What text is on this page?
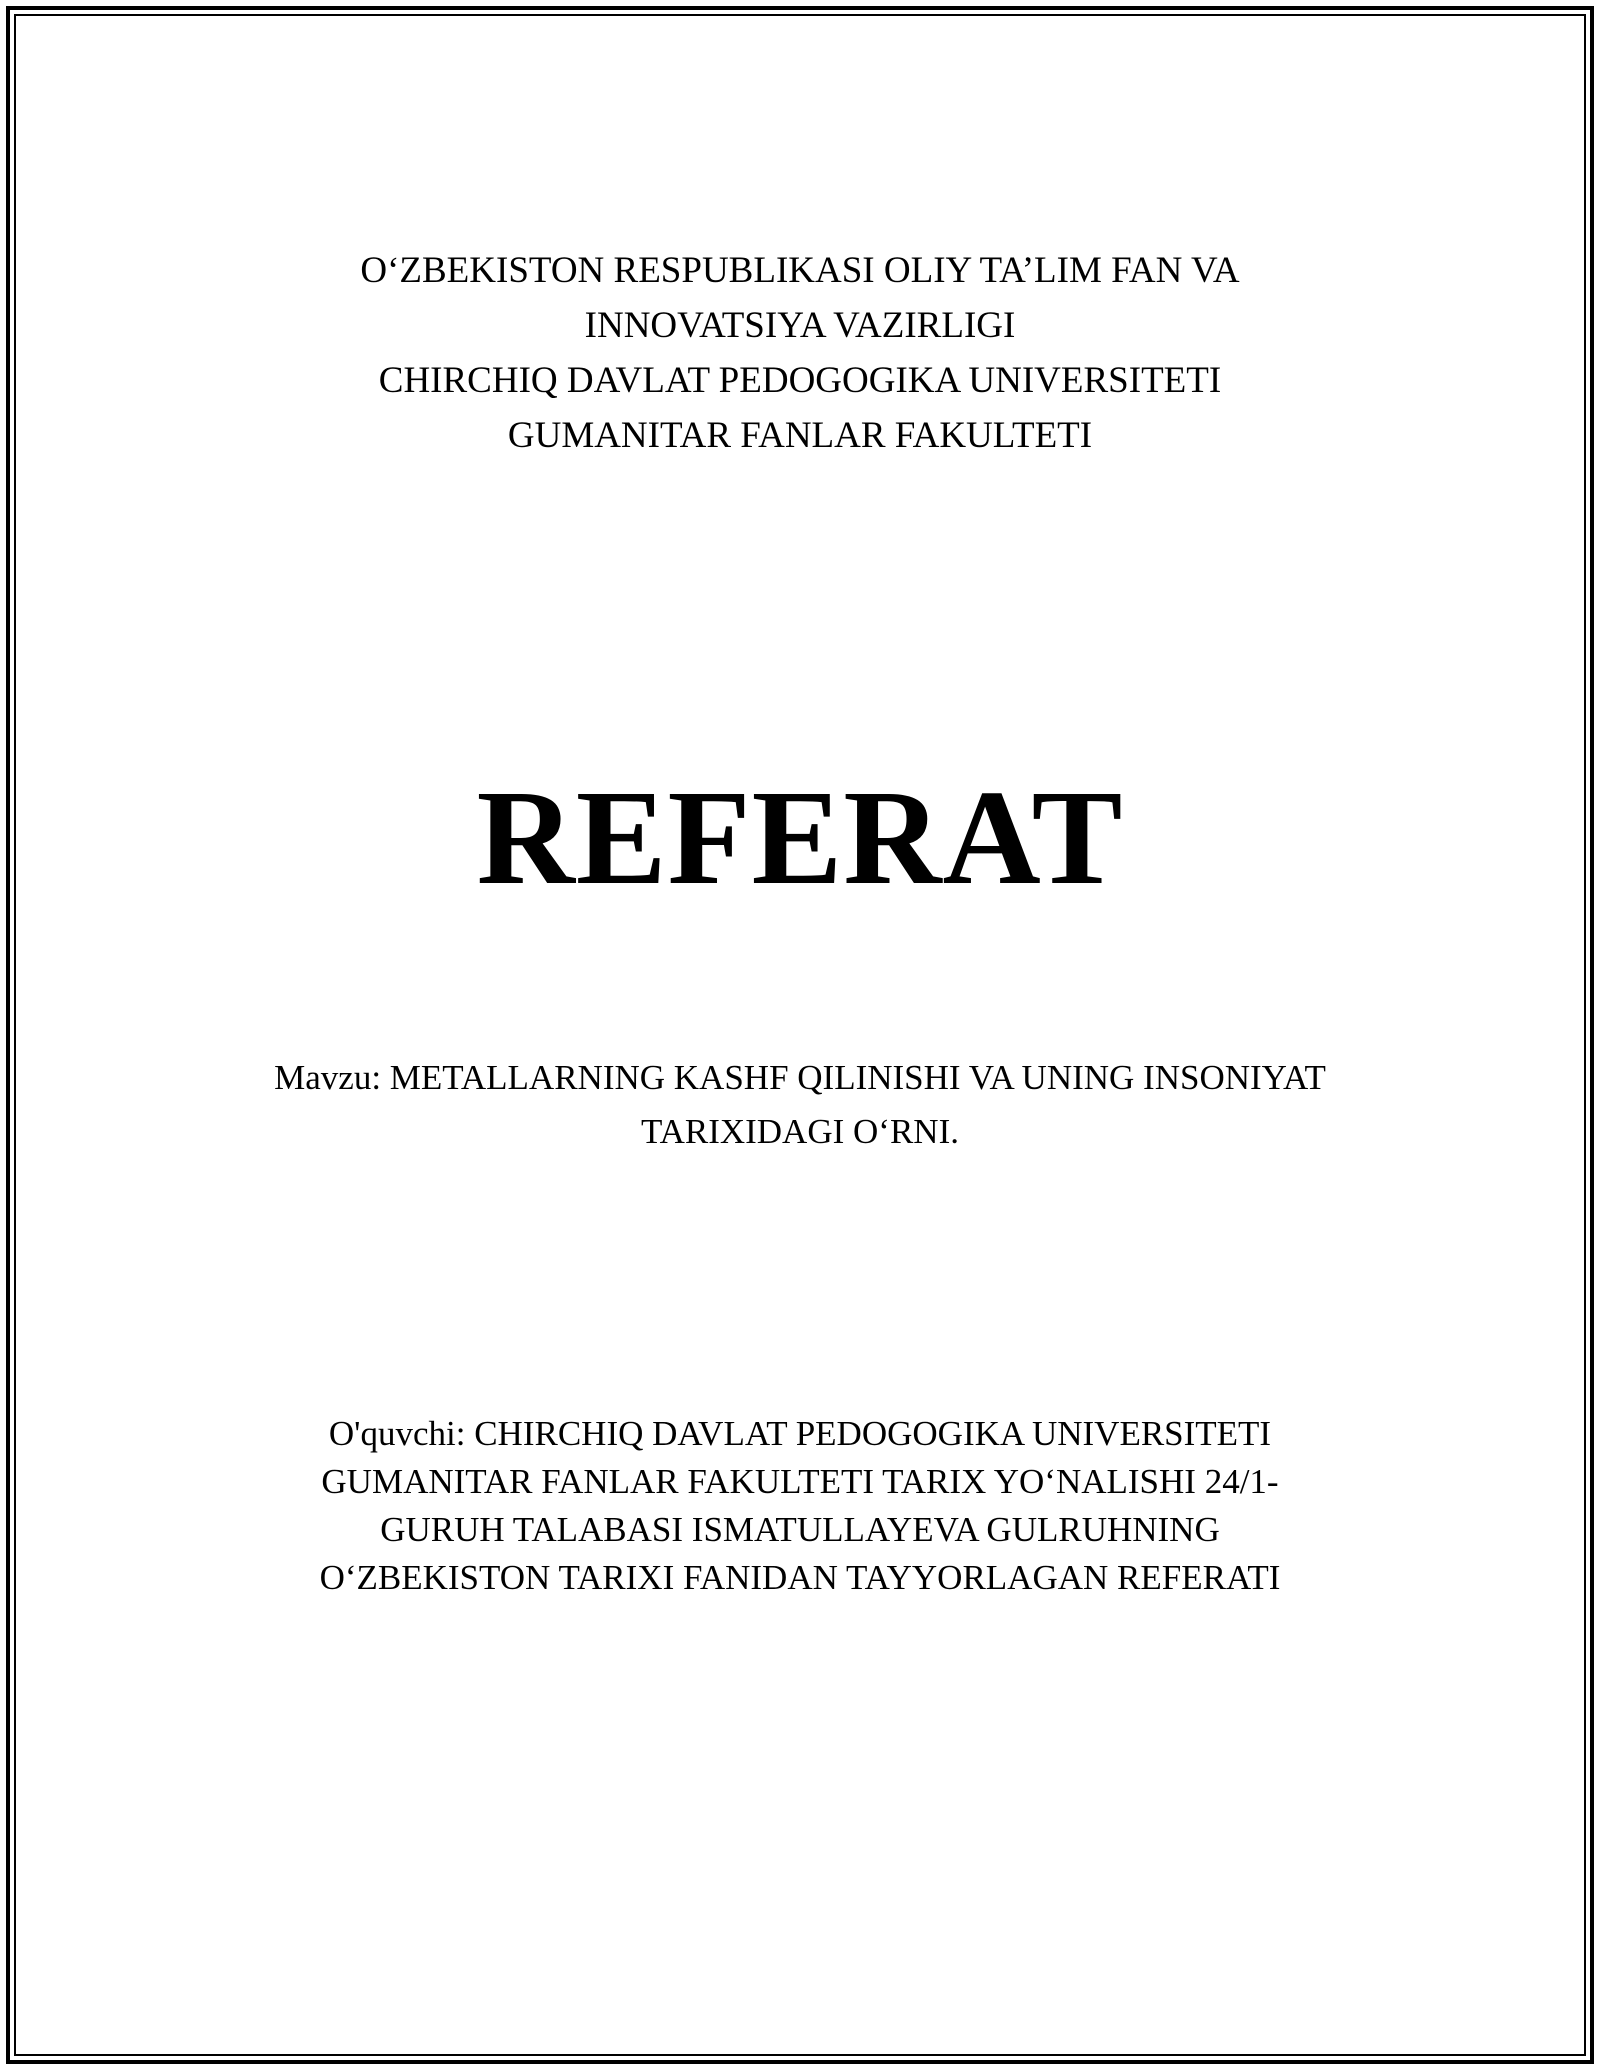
O‘ZBEKISTON RESPUBLIKASI OLIY TA’LIM FAN VA
INNOVATSIYA VAZIRLIGI
CHIRCHIQ DAVLAT PEDOGOGIKA UNIVERSITETI
GUMANITAR FANLAR FAKULTETI
REFERAT
Mavzu: METALLARNING KASHF QILINISHI VA UNING INSONIYAT
TARIXIDAGI O‘RNI.
O'quvchi: CHIRCHIQ DAVLAT PEDOGOGIKA UNIVERSITETI
GUMANITAR FANLAR FAKULTETI TARIX YO‘NALISHI 24/1-
GURUH TALABASI ISMATULLAYEVA GULRUHNING
O‘ZBEKISTON TARIXI FANIDAN TAYYORLAGAN REFERATI
